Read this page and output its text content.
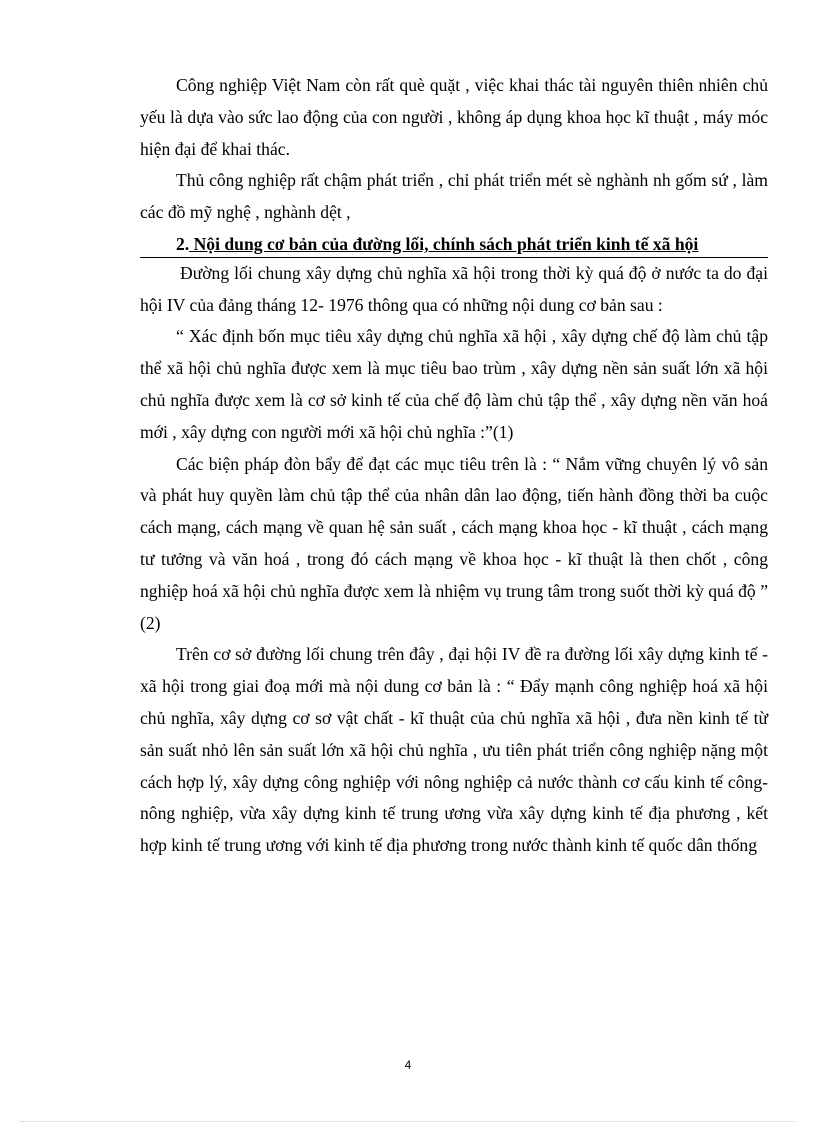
Công nghiệp Việt Nam còn rất què quặt , việc khai thác tài nguyên thiên nhiên chủ yếu là dựa vào sức lao động của con người , không áp dụng khoa học kĩ thuật , máy móc hiện đại để khai thác.

Thủ công nghiệp rất chậm phát triển , chỉ phát triển mét sè nghành nh gốm sứ , làm các đồ mỹ nghệ , nghành dệt ,

2. Nội dung cơ bản của đường lối, chính sách phát triển kinh tế xã hội

Đường lối chung xây dựng chủ nghĩa xã hội trong thời kỳ quá độ ở nước ta do đại hội IV của đảng tháng 12- 1976 thông qua có những nội dung cơ bản sau :

“ Xác định bốn mục tiêu xây dựng chủ nghĩa xã hội , xây dựng chế độ làm chủ tập thể xã hội chủ nghĩa được xem là mục tiêu bao trùm , xây dựng nền sản suất lớn xã hội chủ nghĩa được xem là cơ sở kinh tế của chế độ làm chủ tập thể , xây dựng nền văn hoá mới , xây dựng con người mới xã hội chủ nghĩa :”(1)

Các biện pháp đòn bẩy để đạt các mục tiêu trên là : “ Nắm vững chuyên lý vô sản và phát huy quyền làm chủ tập thể của nhân dân lao động, tiến hành đồng thời ba cuộc cách mạng, cách mạng về quan hệ sản suất , cách mạng khoa học - kĩ thuật , cách mạng tư tưởng và văn hoá , trong đó cách mạng về khoa học - kĩ thuật là then chốt , công nghiệp hoá xã hội chủ nghĩa được xem là nhiệm vụ trung tâm trong suốt thời kỳ quá độ ” (2)

Trên cơ sở đường lối chung trên đây , đại hội IV đề ra đường lối xây dựng kinh tế - xã hội trong giai đoạ mới mà nội dung cơ bản là : “ Đẩy mạnh công nghiệp hoá xã hội chủ nghĩa, xây dựng cơ sơ vật chất - kĩ thuật của chủ nghĩa xã hội , đưa nền kinh tế từ sản suất nhỏ lên sản suất lớn xã hội chủ nghĩa , ưu tiên phát triển công nghiệp nặng một cách hợp lý, xây dựng công nghiệp với nông nghiệp cả nước thành cơ cấu kinh tế công- nông nghiệp, vừa xây dựng kinh tế trung ương vừa xây dựng kinh tế địa phương , kết hợp kinh tế trung ương với kinh tế địa phương trong nước thành kinh tế quốc dân thống

4
